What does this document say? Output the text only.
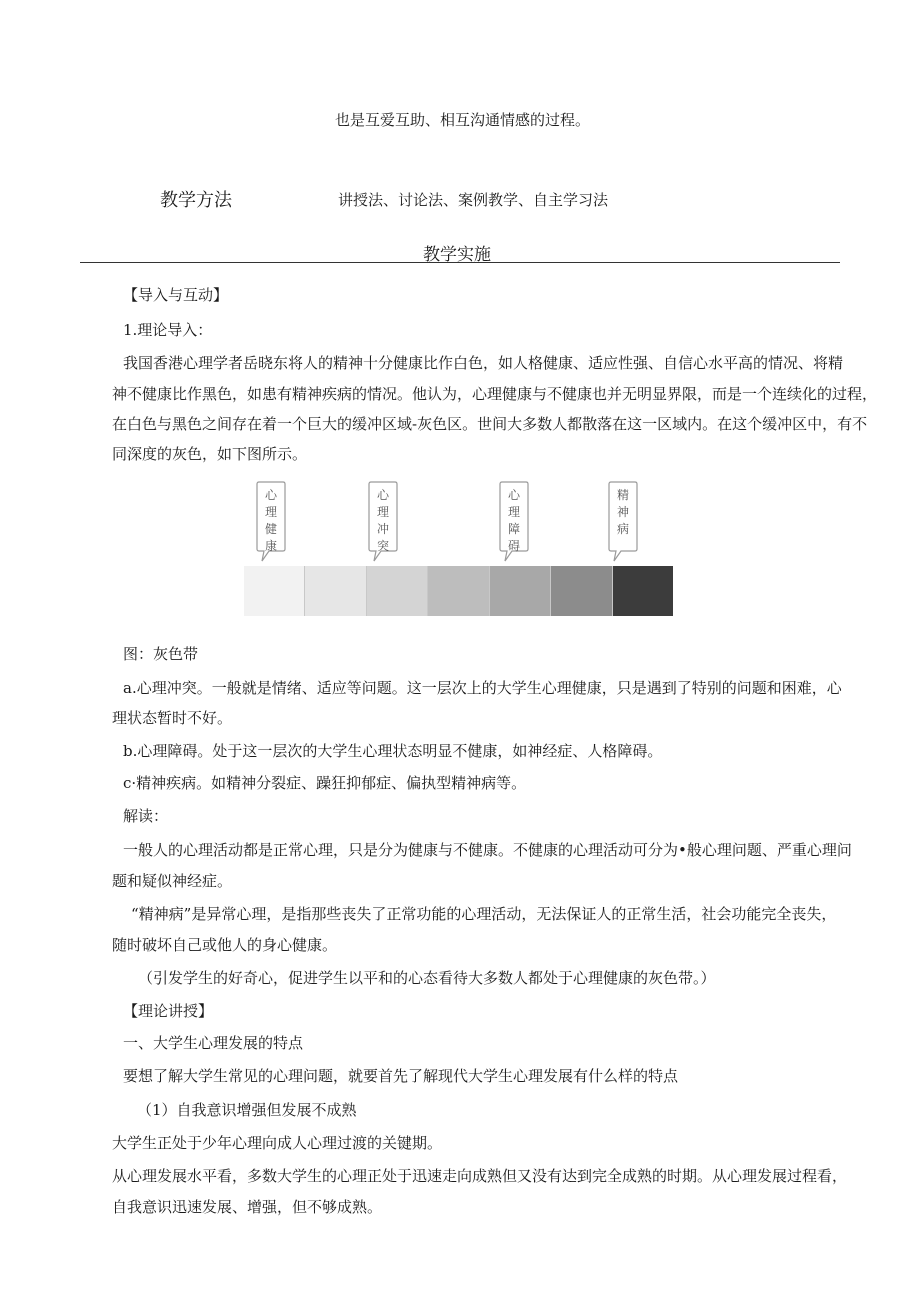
也是互爱互助、相互沟通情感的过程。
教学方法	讲授法、讨论法、案例教学、自主学习法
教学实施
【导入与互动】
1.理论导入：
我国香港心理学者岳晓东将人的精神十分健康比作白色，如人格健康、适应性强、自信心水平高的情况、将精
神不健康比作黑色，如患有精神疾病的情况。他认为，心理健康与不健康也并无明显界限，而是一个连续化的过程，
在白色与黑色之间存在着一个巨大的缓冲区域-灰色区。世间大多数人都散落在这一区域内。在这个缓冲区中，有不
同深度的灰色，如下图所示。
心
理
健
康
心
理
冲
突
心
理
障
碍
精
神
病
图：灰色带
a.心理冲突。一般就是情绪、适应等问题。这一层次上的大学生心理健康，只是遇到了特别的问题和困难，心
理状态暂时不好。
b.心理障碍。处于这一层次的大学生心理状态明显不健康，如神经症、人格障碍。
c·精神疾病。如精神分裂症、躁狂抑郁症、偏执型精神病等。
解读：
一般人的心理活动都是正常心理，只是分为健康与不健康。不健康的心理活动可分为•般心理问题、严重心理问
题和疑似神经症。
“精神病”是异常心理，是指那些丧失了正常功能的心理活动，无法保证人的正常生活，社会功能完全丧失，
随时破坏自己或他人的身心健康。
（引发学生的好奇心，促进学生以平和的心态看待大多数人都处于心理健康的灰色带。）
【理论讲授】
一、大学生心理发展的特点
要想了解大学生常见的心理问题，就要首先了解现代大学生心理发展有什么样的特点
（1）自我意识增强但发展不成熟
大学生正处于少年心理向成人心理过渡的关键期。
从心理发展水平看，多数大学生的心理正处于迅速走向成熟但又没有达到完全成熟的时期。从心理发展过程看，
自我意识迅速发展、增强，但不够成熟。
